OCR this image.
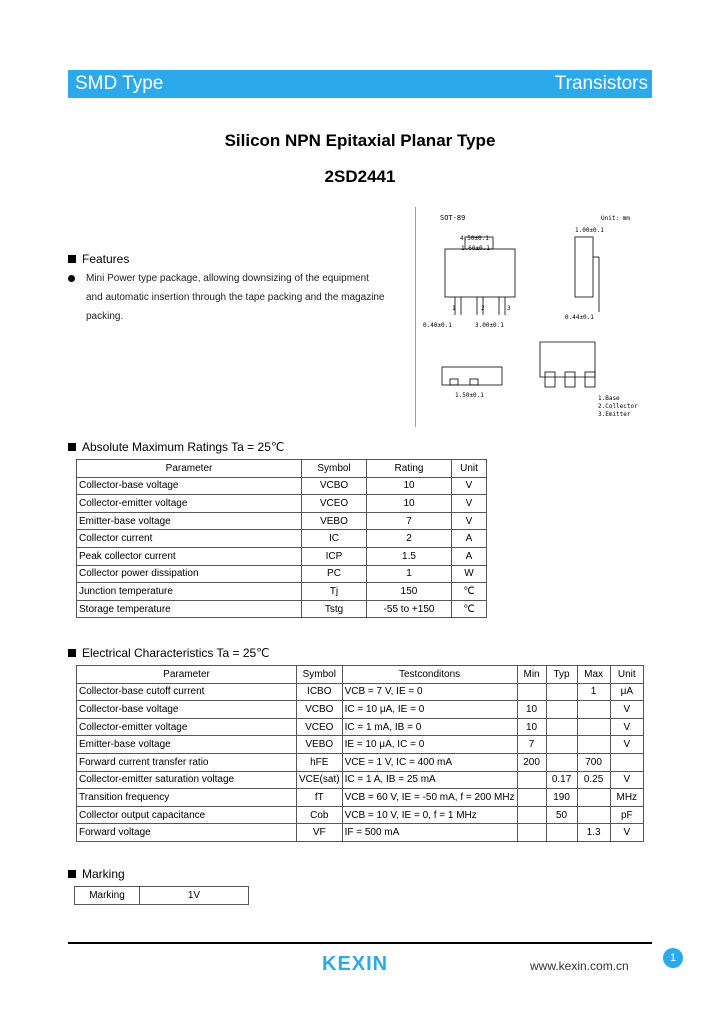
SMD Type	Transistors
Silicon NPN Epitaxial Planar Type
2SD2441
Features
Mini Power type package, allowing downsizing of the equipment
and automatic insertion through the tape packing and the magazine
packing.
SOT-89	Unit: mm
1	2	3
4.50±0.1
1.60±0.1
0.40±0.1	3.00±0.1
1.00±0.1
0.44±0.1
1.50±0.1	1.Base
2.Collector
3.Emitter
Absolute Maximum Ratings Ta = 25℃
Parameter	Symbol	Rating	Unit
Collector-base voltage	VCBO	10	V
Collector-emitter voltage	VCEO	10	V
Emitter-base voltage	VEBO	7	V
Collector current	IC	2	A
Peak collector current	ICP	1.5	A
Collector power dissipation	PC	1	W
Junction temperature	Tj	150	℃
Storage temperature	Tstg	-55 to +150	℃
Electrical Characteristics Ta = 25℃
Parameter	Symbol	Testconditons	Min	Typ	Max	Unit
Collector-base cutoff current	ICBO	VCB = 7 V, IE = 0			1	μA
Collector-base voltage	VCBO	IC = 10 μA, IE = 0	10			V
Collector-emitter voltage	VCEO	IC = 1 mA, IB = 0	10			V
Emitter-base voltage	VEBO	IE = 10 μA, IC = 0	7			V
Forward current transfer ratio	hFE	VCE = 1 V, IC = 400 mA	200		700	
Collector-emitter saturation voltage	VCE(sat)	IC = 1 A, IB = 25 mA		0.17	0.25	V
Transition frequency	fT	VCB = 60 V, IE = -50 mA, f = 200 MHz		190		MHz
Collector output capacitance	Cob	VCB = 10 V, IE = 0, f = 1 MHz		50		pF
Forward voltage	VF	IF = 500 mA			1.3	V
Marking
Marking	1V
KEXIN	www.kexin.com.cn
1
